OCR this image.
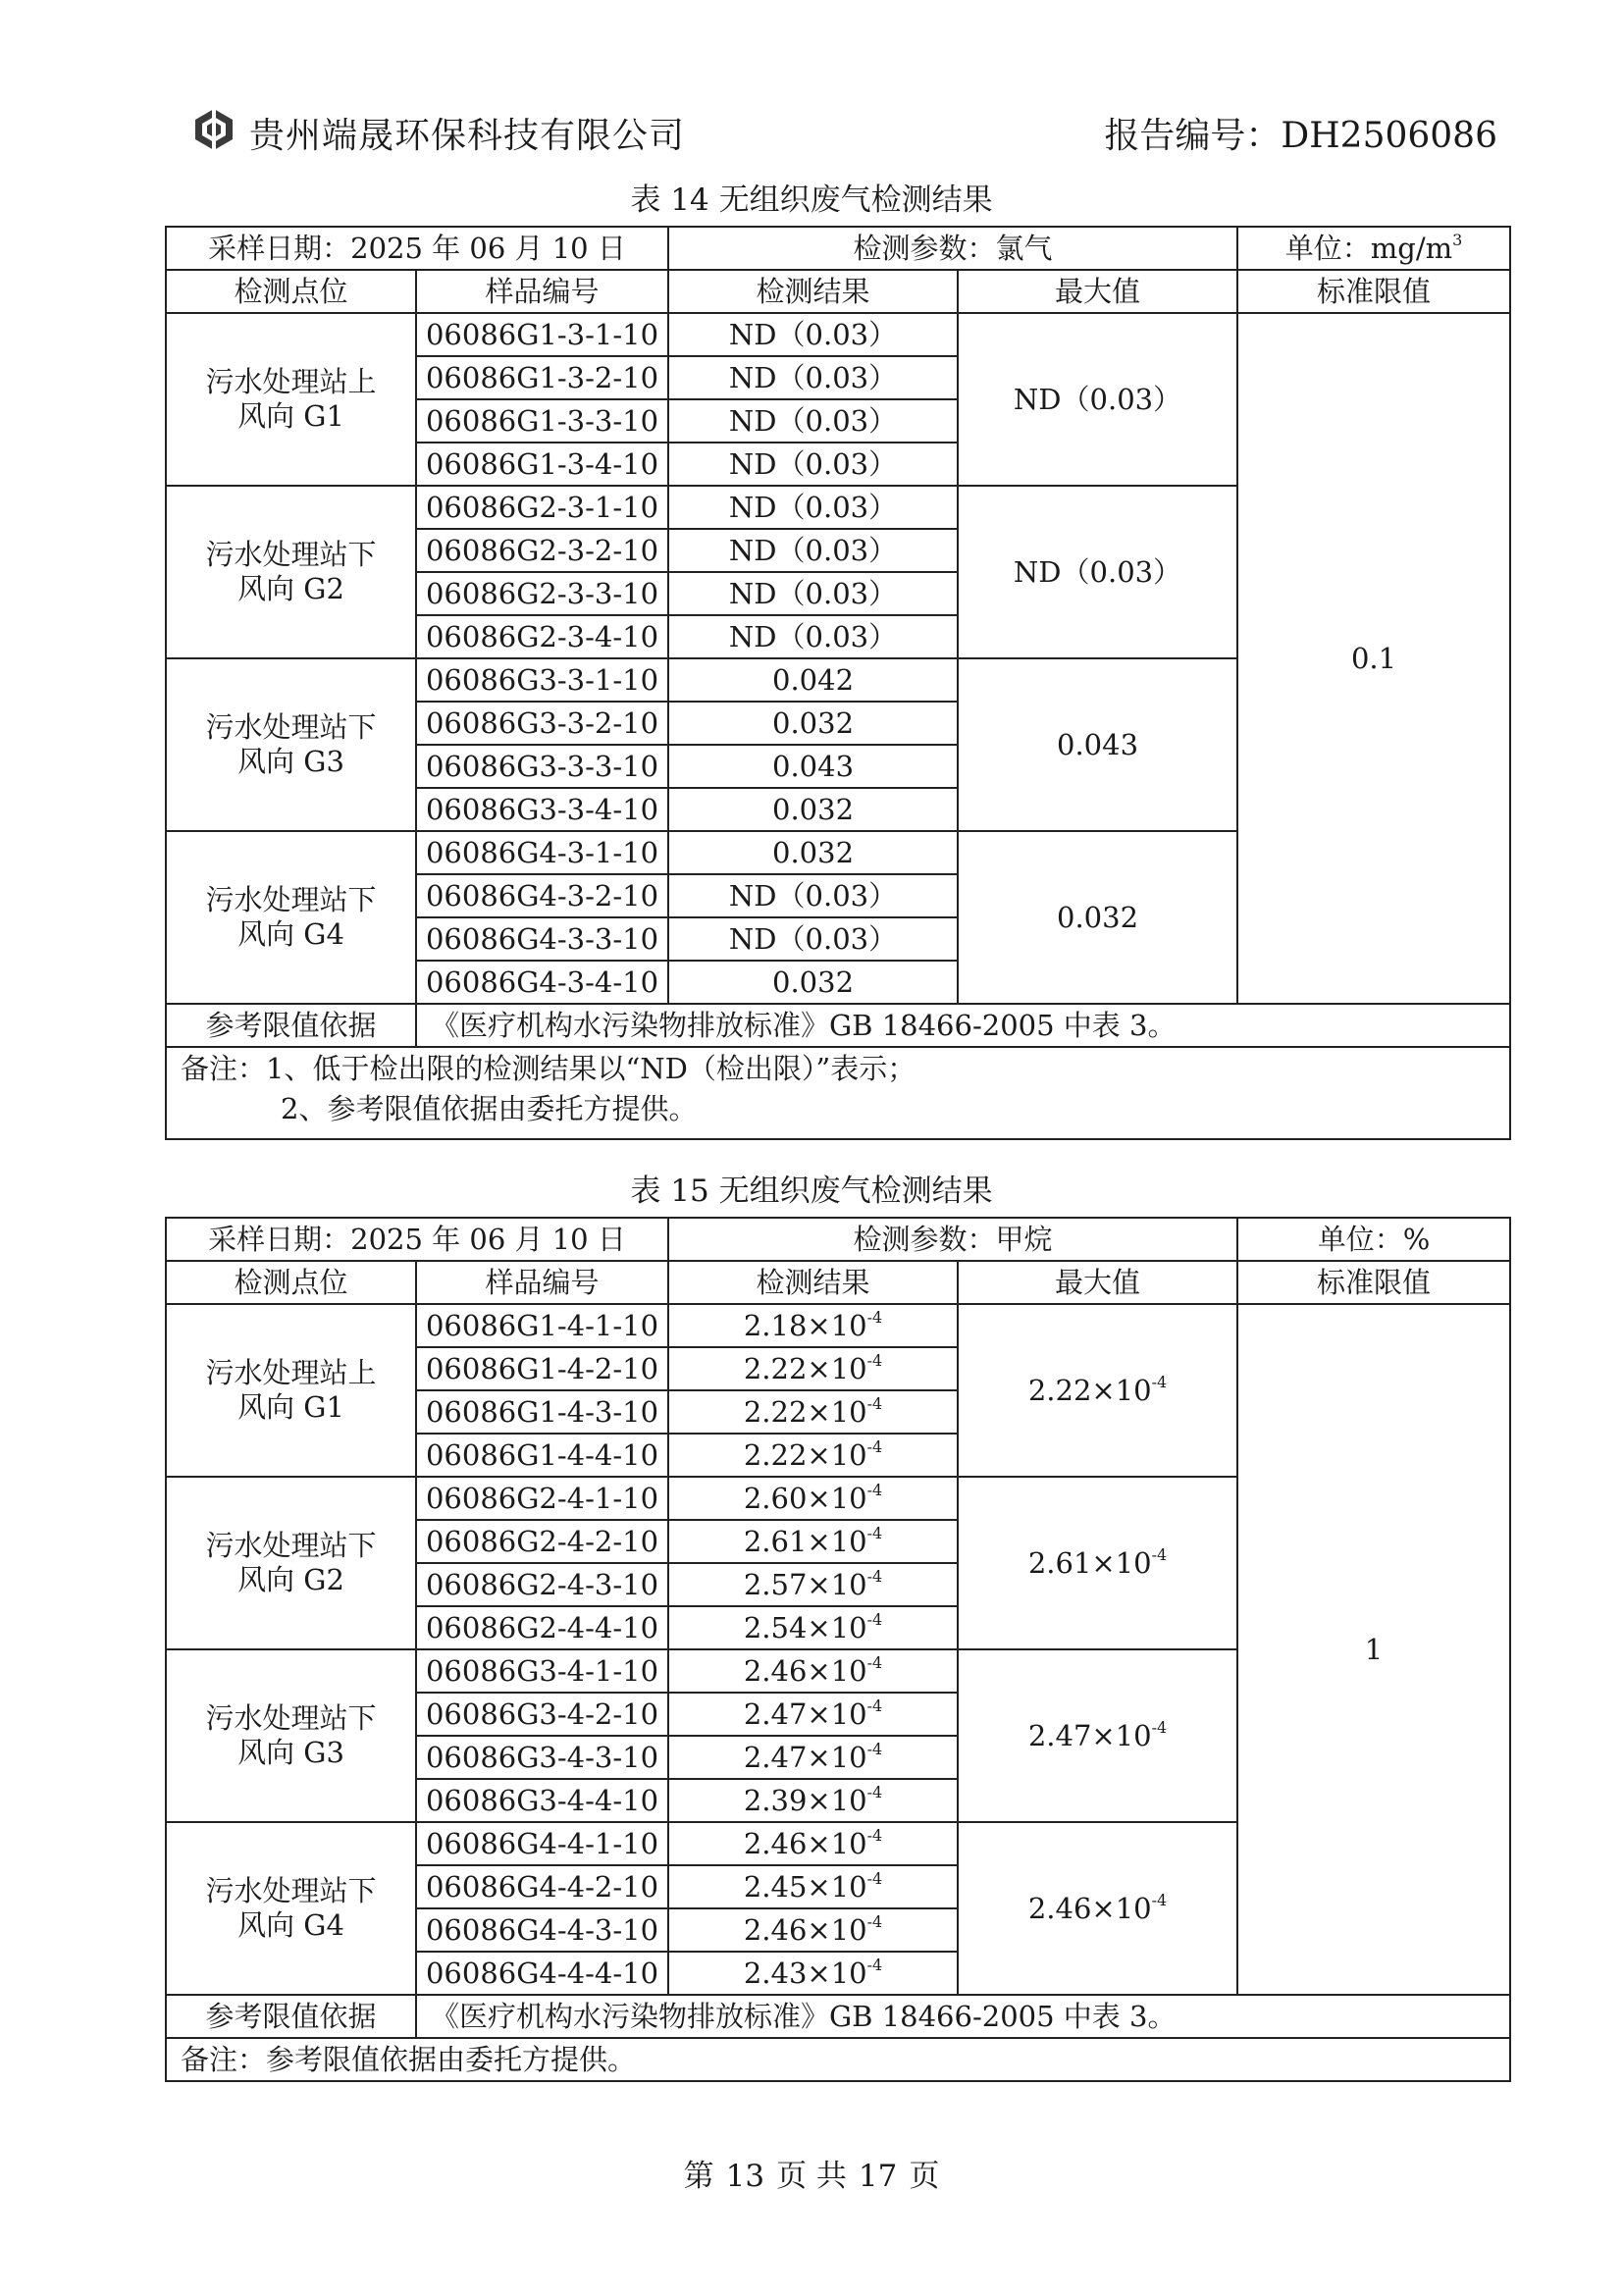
贵州端晟环保科技有限公司	报告编号：DH2506086
表 14 无组织废气检测结果
采样日期：2025 年 06 月 10 日		检测参数：氯气		单位：$mg/m^3$
检测点位	样品编号	检测结果	最大值	标准限值
污水处理站上
风向 G1	06086G1-3-1-10	ND（0.03）	ND（0.03）	0.1
	06086G1-3-2-10	ND（0.03）		
	06086G1-3-3-10	ND（0.03）		
	06086G1-3-4-10	ND（0.03）		
污水处理站下
风向 G2	06086G2-3-1-10	ND（0.03）	ND（0.03）	
	06086G2-3-2-10	ND（0.03）		
	06086G2-3-3-10	ND（0.03）		
	06086G2-3-4-10	ND（0.03）		
污水处理站下
风向 G3	06086G3-3-1-10	0.042	0.043	
	06086G3-3-2-10	0.032		
	06086G3-3-3-10	0.043		
	06086G3-3-4-10	0.032		
污水处理站下
风向 G4	06086G4-3-1-10	0.032	0.032	
	06086G4-3-2-10	ND（0.03）		
	06086G4-3-3-10	ND（0.03）		
	06086G4-3-4-10	0.032		
参考限值依据	《医疗机构水污染物排放标准》GB 18466-2005 中表 3。			
备注：1、低于检出限的检测结果以“ND（检出限）”表示；
2、参考限值依据由委托方提供。				
表 15 无组织废气检测结果
采样日期：2025 年 06 月 10 日		检测参数：甲烷		单位：%
检测点位	样品编号	检测结果	最大值	标准限值
污水处理站上
风向 G1	06086G1-4-1-10	$2.18\times 10^{-4}$	$2.22\times 10^{-4}$	1
	06086G1-4-2-10	$2.22\times 10^{-4}$
	06086G1-4-3-10	$2.22\times 10^{-4}$
	06086G1-4-4-10	$2.22\times 10^{-4}$
污水处理站下
风向 G2	06086G2-4-1-10	$2.60\times 10^{-4}$	$2.61\times 10^{-4}$
	06086G2-4-2-10	$2.61\times 10^{-4}$
	06086G2-4-3-10	$2.57\times 10^{-4}$
	06086G2-4-4-10	$2.54\times 10^{-4}$
污水处理站下
风向 G3	06086G3-4-1-10	$2.46\times 10^{-4}$	$2.47\times 10^{-4}$
	06086G3-4-2-10	$2.47\times 10^{-4}$
	06086G3-4-3-10	$2.47\times 10^{-4}$
	06086G3-4-4-10	$2.39\times 10^{-4}$
污水处理站下
风向 G4	06086G4-4-1-10	$2.46\times 10^{-4}$	$2.46\times 10^{-4}$
	06086G4-4-2-10	$2.45\times 10^{-4}$
	06086G4-4-3-10	$2.46\times 10^{-4}$
	06086G4-4-4-10	$2.43\times 10^{-4}$
参考限值依据	《医疗机构水污染物排放标准》GB 18466-2005 中表 3。			
备注：参考限值依据由委托方提供。				
第 13 页 共 17 页
